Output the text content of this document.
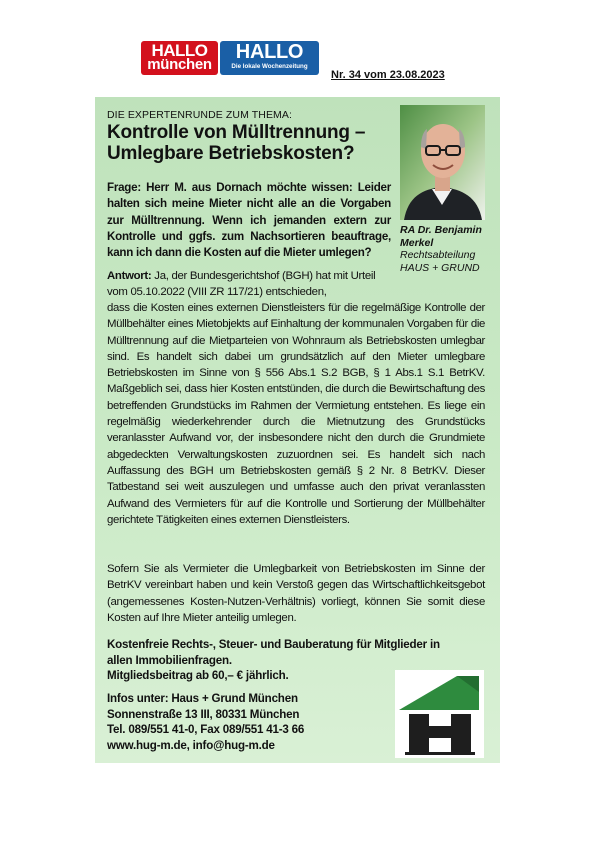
HALLO
münchen
HALLO
Die lokale Wochenzeitung
Nr. 34 vom 23.08.2023
DIE EXPERTENRUNDE ZUM THEMA:
Kontrolle von Mülltrennung –
Umlegbare Betriebskosten?
Frage: Herr M. aus Dornach möchte wissen: Leider halten sich meine Mieter nicht alle an die Vorgaben zur Mülltrennung. Wenn ich jemanden extern zur Kontrolle und ggfs. zum Nachsortieren beauftrage, kann ich dann die Kosten auf die Mieter umlegen?
RA Dr. Benjamin Merkel
Rechtsabteilung
HAUS + GRUND
Antwort: Ja, der Bundesgerichtshof (BGH) hat mit Urteil vom 05.10.2022 (VIII ZR 117/21) entschieden,
dass die Kosten eines externen Dienstleisters für die regelmäßige Kontrolle der Müllbehälter eines Mietobjekts auf Einhaltung der kommunalen Vorgaben für die Mülltrennung auf die Mietparteien von Wohnraum als Betriebskosten umlegbar sind. Es handelt sich dabei um grundsätzlich auf den Mieter umlegbare Betriebskosten im Sinne von § 556 Abs.1 S.2 BGB, § 1 Abs.1 S.1 BetrKV. Maßgeblich sei, dass hier Kosten entstünden, die durch die Bewirtschaftung des betreffenden Grundstücks im Rahmen der Vermietung entstehen. Es liege ein regelmäßig wiederkehrender durch die Mietnutzung des Grundstücks veranlasster Aufwand vor, der insbesondere nicht den durch die Grundmiete abgedeckten Verwaltungskosten zuzuordnen sei. Es handelt sich nach Auffassung des BGH um Betriebskosten gemäß § 2 Nr. 8 BetrKV. Dieser Tatbestand sei weit auszulegen und umfasse auch den privat veranlassten Aufwand des Vermieters für auf die Kontrolle und Sortierung der Müllbehälter gerichtete Tätigkeiten eines externen Dienstleisters.
Sofern Sie als Vermieter die Umlegbarkeit von Betriebskosten im Sinne der BetrKV vereinbart haben und kein Verstoß gegen das Wirtschaftlichkeitsgebot (angemessenes Kosten-Nutzen-Verhältnis) vorliegt, können Sie somit diese Kosten auf Ihre Mieter anteilig umlegen.
Kostenfreie Rechts-, Steuer- und Bauberatung für Mitglieder in allen Immobilienfragen.
Mitgliedsbeitrag ab 60,– € jährlich.
Infos unter: Haus + Grund München
Sonnenstraße 13 III, 80331 München
Tel. 089/551 41-0, Fax 089/551 41-3 66
www.hug-m.de, info@hug-m.de
